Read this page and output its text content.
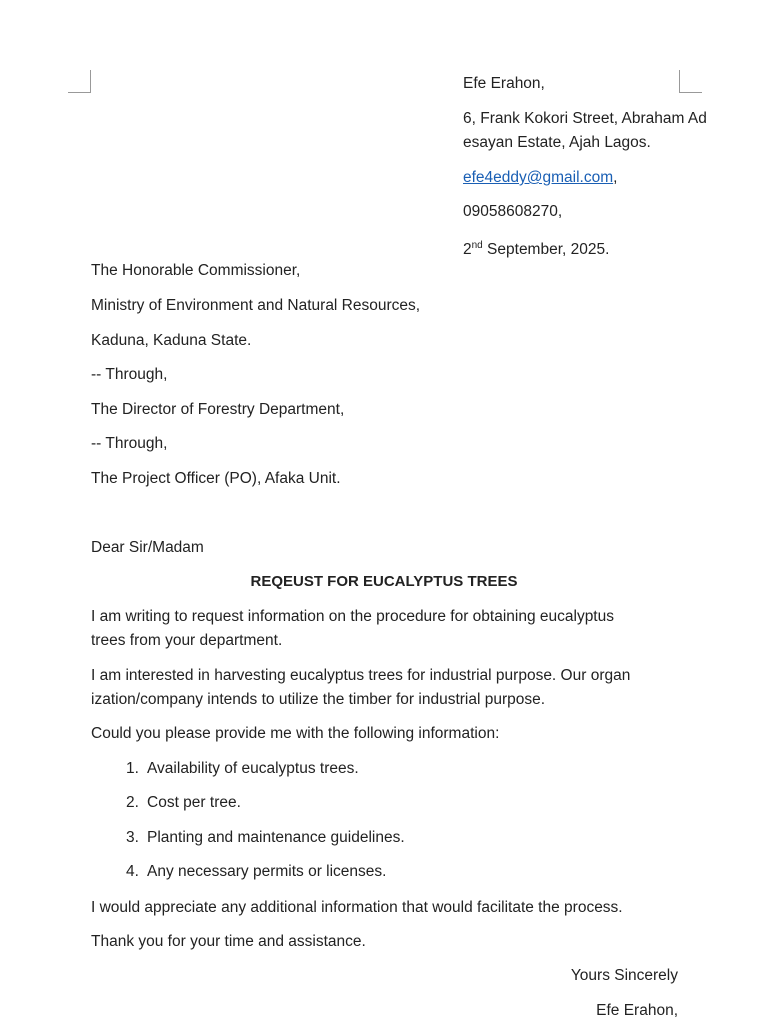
Efe Erahon,
6, Frank Kokori Street, Abraham Ad
esayan Estate, Ajah Lagos.
efe4eddy@gmail.com,
09058608270,
2nd September, 2025.
The Honorable Commissioner,
Ministry of Environment and Natural Resources,
Kaduna, Kaduna State.
-- Through,
The Director of Forestry Department,
-- Through,
The Project Officer (PO), Afaka Unit.
Dear Sir/Madam
REQEUST FOR EUCALYPTUS TREES
I am writing to request information on the procedure for obtaining eucalyptus
trees from your department.
I am interested in harvesting eucalyptus trees for industrial purpose. Our organ
ization/company intends to utilize the timber for industrial purpose.
Could you please provide me with the following information:
1. Availability of eucalyptus trees.
2. Cost per tree.
3. Planting and maintenance guidelines.
4. Any necessary permits or licenses.
I would appreciate any additional information that would facilitate the process.
Thank you for your time and assistance.
Yours Sincerely
Efe Erahon,
